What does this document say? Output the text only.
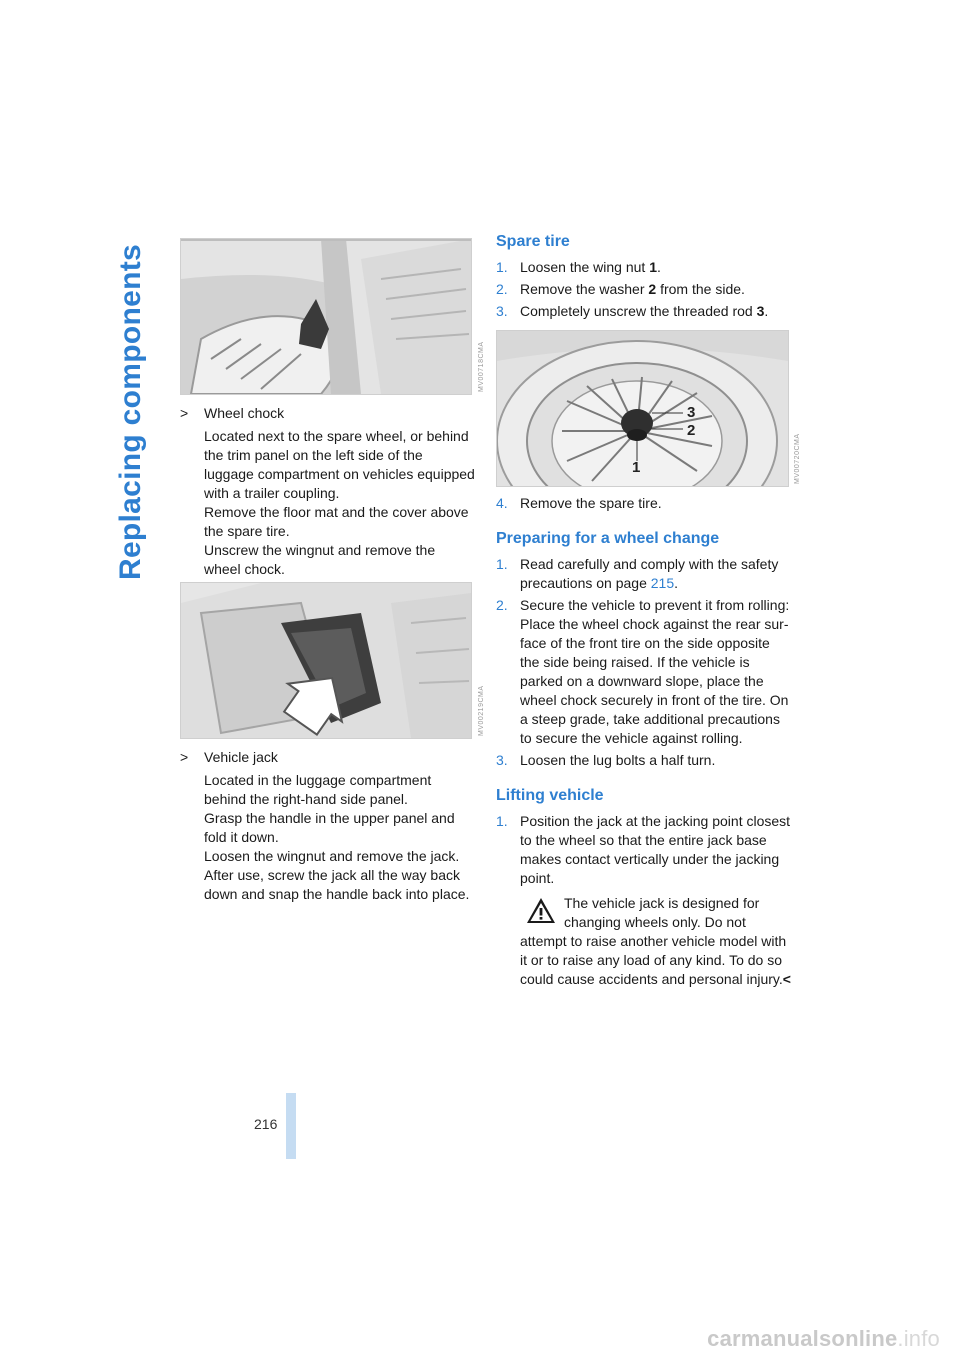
Replacing components
216
MV00718CMA
>	Wheel chock
Located next to the spare wheel, or behind the trim panel on the left side of the luggage compartment on vehicles equipped with a trailer coupling.
Remove the floor mat and the cover above the spare tire.
Unscrew the wingnut and remove the wheel chock.
MV00219CMA
>	Vehicle jack
Located in the luggage compartment behind the right-hand side panel.
Grasp the handle in the upper panel and fold it down.
Loosen the wingnut and remove the jack.
After use, screw the jack all the way back down and snap the handle back into place.
Spare tire
1. Loosen the wing nut 1.
2. Remove the washer 2 from the side.
3. Completely unscrew the threaded rod 3.
3
2
1	MV00720CMA
4. Remove the spare tire.
Preparing for a wheel change
1. Read carefully and comply with the safety precautions on page 215.
2. Secure the vehicle to prevent it from rolling: Place the wheel chock against the rear sur-face of the front tire on the side opposite the side being raised. If the vehicle is parked on a downward slope, place the wheel chock securely in front of the tire. On a steep grade, take additional precautions to secure the vehicle against rolling.
3. Loosen the lug bolts a half turn.
Lifting vehicle
1. Position the jack at the jacking point closest to the wheel so that the entire jack base makes contact vertically under the jacking point.
The vehicle jack is designed for changing wheels only. Do not attempt to raise another vehicle model with it or to raise any load of any kind. To do so could cause accidents and personal injury.<
carmanualsonline.info
